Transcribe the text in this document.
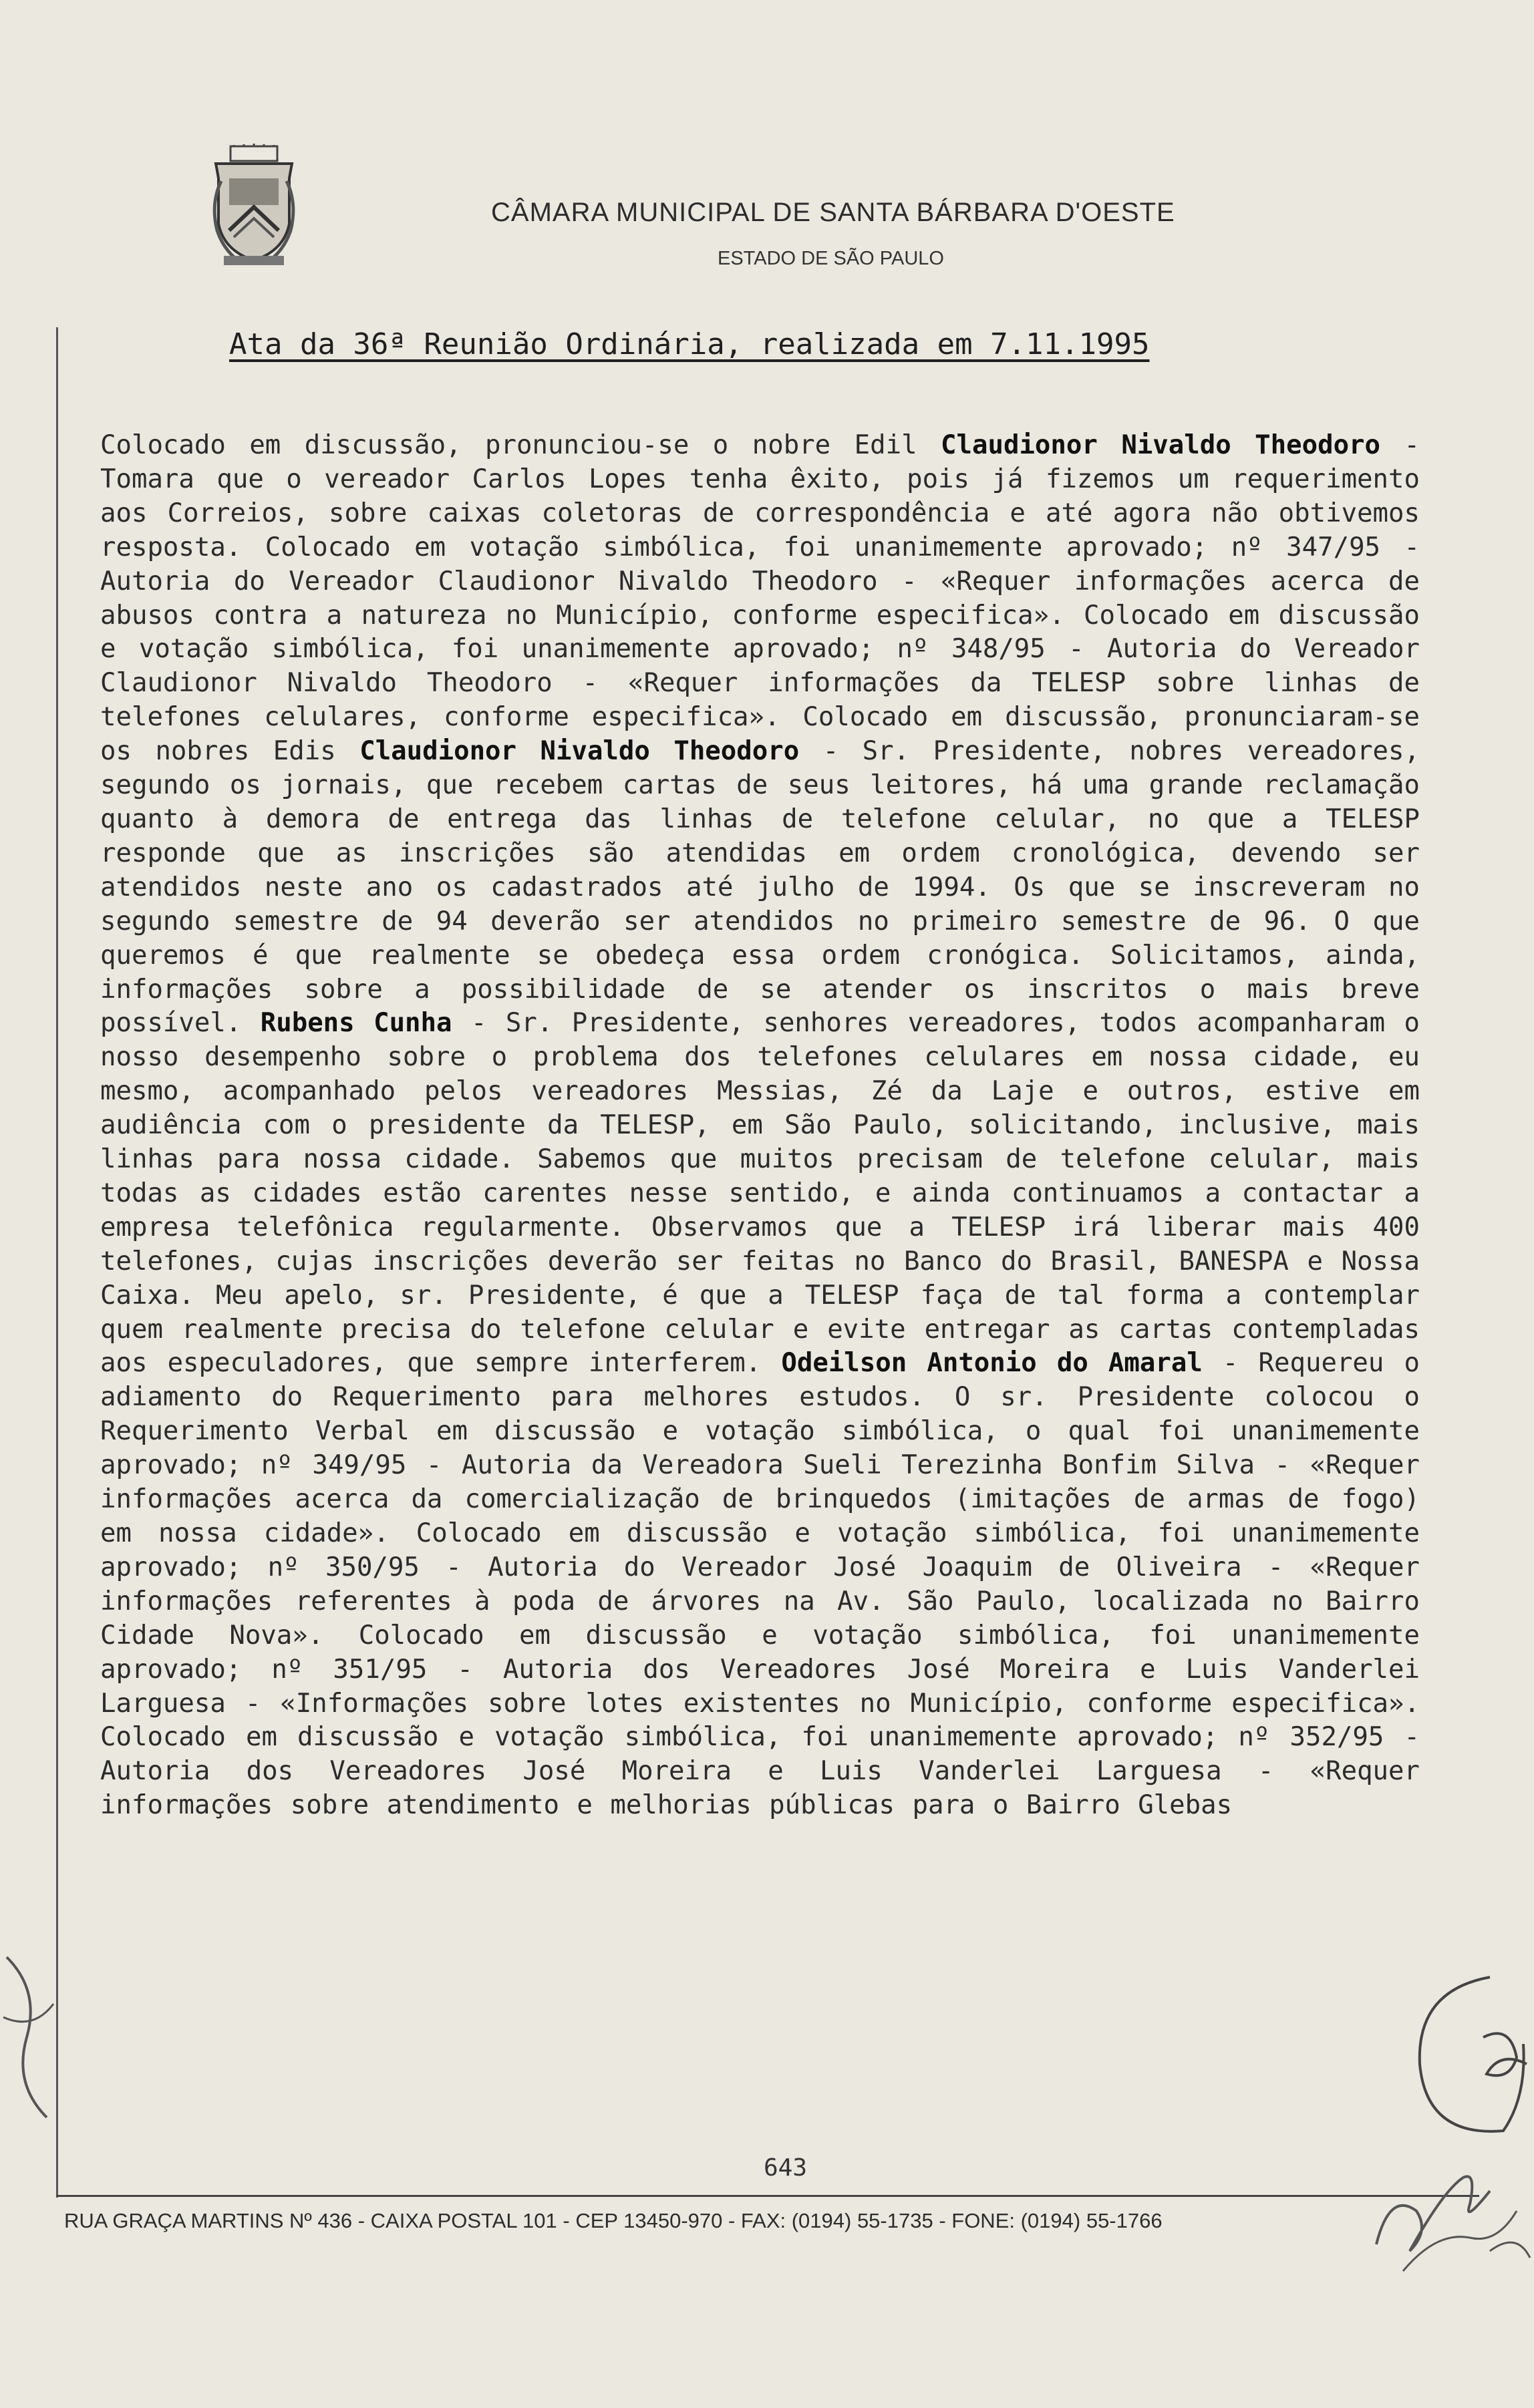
CÂMARA MUNICIPAL DE SANTA BÁRBARA D'OESTE
ESTADO DE SÃO PAULO
Ata da 36ª Reunião Ordinária, realizada em 7.11.1995
Colocado em discussão, pronunciou-se o nobre Edil Claudionor Nivaldo Theodoro - Tomara que o vereador Carlos Lopes tenha êxito, pois já fizemos um requerimento aos Correios, sobre caixas coletoras de correspondência e até agora não obtivemos resposta. Colocado em votação simbólica, foi unanimemente aprovado; nº 347/95 - Autoria do Vereador Claudionor Nivaldo Theodoro - «Requer informações acerca de abusos contra a natureza no Município, conforme especifica». Colocado em discussão e votação simbólica, foi unanimemente aprovado; nº 348/95 - Autoria do Vereador Claudionor Nivaldo Theodoro - «Requer informações da TELESP sobre linhas de telefones celulares, conforme especifica». Colocado em discussão, pronunciaram-se os nobres Edis Claudionor Nivaldo Theodoro - Sr. Presidente, nobres vereadores, segundo os jornais, que recebem cartas de seus leitores, há uma grande reclamação quanto à demora de entrega das linhas de telefone celular, no que a TELESP responde que as inscrições são atendidas em ordem cronológica, devendo ser atendidos neste ano os cadastrados até julho de 1994. Os que se inscreveram no segundo semestre de 94 deverão ser atendidos no primeiro semestre de 96. O que queremos é que realmente se obedeça essa ordem cronógica. Solicitamos, ainda, informações sobre a possibilidade de se atender os inscritos o mais breve possível. Rubens Cunha - Sr. Presidente, senhores vereadores, todos acompanharam o nosso desempenho sobre o problema dos telefones celulares em nossa cidade, eu mesmo, acompanhado pelos vereadores Messias, Zé da Laje e outros, estive em audiência com o presidente da TELESP, em São Paulo, solicitando, inclusive, mais linhas para nossa cidade. Sabemos que muitos precisam de telefone celular, mais todas as cidades estão carentes nesse sentido, e ainda continuamos a contactar a empresa telefônica regularmente. Observamos que a TELESP irá liberar mais 400 telefones, cujas inscrições deverão ser feitas no Banco do Brasil, BANESPA e Nossa Caixa. Meu apelo, sr. Presidente, é que a TELESP faça de tal forma a contemplar quem realmente precisa do telefone celular e evite entregar as cartas contempladas aos especuladores, que sempre interferem. Odeilson Antonio do Amaral - Requereu o adiamento do Requerimento para melhores estudos. O sr. Presidente colocou o Requerimento Verbal em discussão e votação simbólica, o qual foi unanimemente aprovado; nº 349/95 - Autoria da Vereadora Sueli Terezinha Bonfim Silva - «Requer informações acerca da comercialização de brinquedos (imitações de armas de fogo) em nossa cidade». Colocado em discussão e votação simbólica, foi unanimemente aprovado; nº 350/95 - Autoria do Vereador José Joaquim de Oliveira - «Requer informações referentes à poda de árvores na Av. São Paulo, localizada no Bairro Cidade Nova». Colocado em discussão e votação simbólica, foi unanimemente aprovado; nº 351/95 - Autoria dos Vereadores José Moreira e Luis Vanderlei Larguesa - «Informações sobre lotes existentes no Município, conforme especifica». Colocado em discussão e votação simbólica, foi unanimemente aprovado; nº 352/95 - Autoria dos Vereadores José Moreira e Luis Vanderlei Larguesa - «Requer informações sobre atendimento e melhorias públicas para o Bairro Glebas
643
RUA GRAÇA MARTINS Nº 436 - CAIXA POSTAL 101 - CEP 13450-970 - FAX: (0194) 55-1735 - FONE: (0194) 55-1766
